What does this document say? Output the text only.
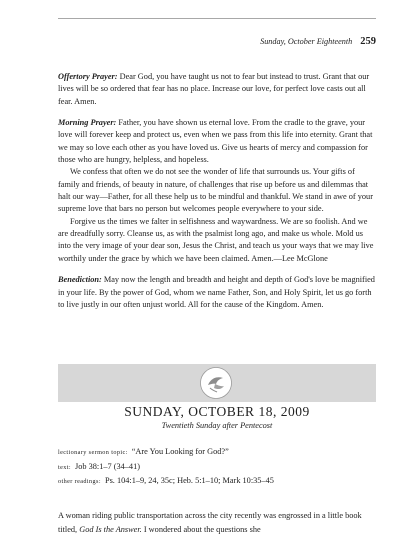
Sunday, October Eighteenth 259

Offertory Prayer: Dear God, you have taught us not to fear but instead to trust. Grant that our lives will be so ordered that fear has no place. Increase our love, for perfect love casts out all fear. Amen.

Morning Prayer: Father, you have shown us eternal love. From the cradle to the grave, your love will forever keep and protect us, even when we pass from this life into eternity. Grant that we may so love each other as you have loved us. Give us hearts of mercy and compassion for those who are hungry, helpless, and hopeless.

We confess that often we do not see the wonder of life that surrounds us. Your gifts of family and friends, of beauty in nature, of challenges that rise up before us and dilemmas that halt our way—Father, for all these help us to be mindful and thankful. We stand in awe of your supreme love that bars no person but welcomes people everywhere to your side.

Forgive us the times we falter in selfishness and waywardness. We are so foolish. And we are dreadfully sorry. Cleanse us, as with the psalmist long ago, and make us whole. Mold us into the very image of your dear son, Jesus the Christ, and teach us your ways that we may live worthily under the grace by which we have been claimed. Amen.—Lee McGlone

Benediction: May now the length and breadth and height and depth of God's love be magnified in your life. By the power of God, whom we name Father, Son, and Holy Spirit, let us go forth to live justly in our often unjust world. All for the cause of the Kingdom. Amen.

SUNDAY, OCTOBER 18, 2009
Twentieth Sunday after Pentecost
lectionary sermon topic: “Are You Looking for God?”
text: Job 38:1–7 (34–41)
other readings: Ps. 104:1–9, 24, 35c; Heb. 5:1–10; Mark 10:35–45
A woman riding public transportation across the city recently was engrossed in a little book titled, God Is the Answer. I wondered about the questions she
